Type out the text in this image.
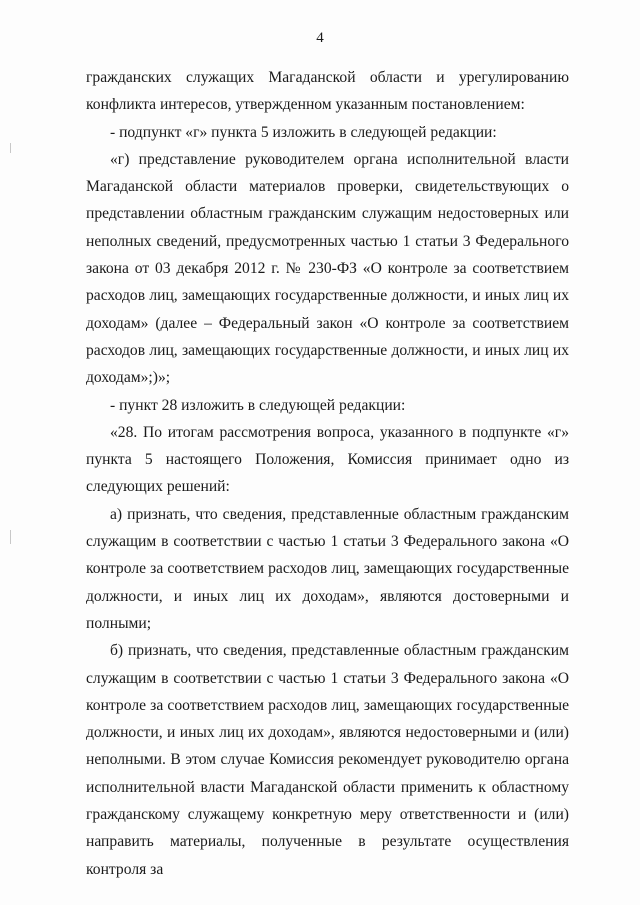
4

гражданских служащих Магаданской области и урегулированию конфликта интересов, утвержденном указанным постановлением:

- подпункт «г» пункта 5 изложить в следующей редакции:

«г) представление руководителем органа исполнительной власти Магаданской области материалов проверки, свидетельствующих о представлении областным гражданским служащим недостоверных или неполных сведений, предусмотренных частью 1 статьи 3 Федерального закона от 03 декабря 2012 г. № 230-ФЗ «О контроле за соответствием расходов лиц, замещающих государственные должности, и иных лиц их доходам» (далее – Федеральный закон «О контроле за соответствием расходов лиц, замещающих государственные должности, и иных лиц их доходам»;)»;

- пункт 28 изложить в следующей редакции:

«28. По итогам рассмотрения вопроса, указанного в подпункте «г» пункта 5 настоящего Положения, Комиссия принимает одно из следующих решений:

а) признать, что сведения, представленные областным гражданским служащим в соответствии с частью 1 статьи 3 Федерального закона «О контроле за соответствием расходов лиц, замещающих государственные должности, и иных лиц их доходам», являются достоверными и полными;

б) признать, что сведения, представленные областным гражданским служащим в соответствии с частью 1 статьи 3 Федерального закона «О контроле за соответствием расходов лиц, замещающих государственные должности, и иных лиц их доходам», являются недостоверными и (или) неполными. В этом случае Комиссия рекомендует руководителю органа исполнительной власти Магаданской области применить к областному гражданскому служащему конкретную меру ответственности и (или) направить материалы, полученные в результате осуществления контроля за
